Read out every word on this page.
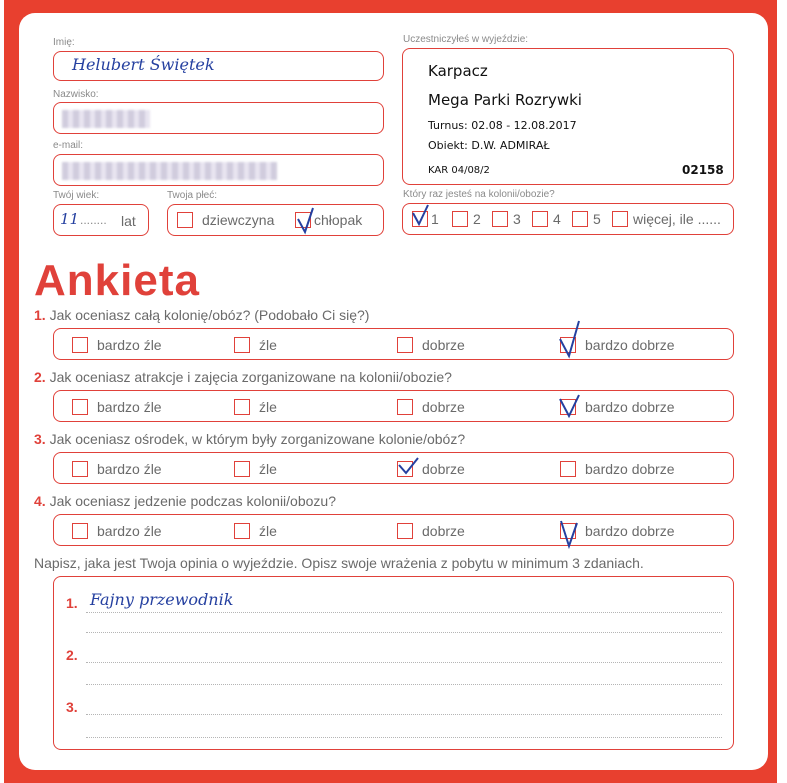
Imię:
Helubert Świętek
Nazwisko:
e-mail:
Twój wiek:
11 ........ lat
Twoja płeć:
dziewczyna	chłopak
Uczestniczyłeś w wyjeździe:
Karpacz
Mega Parki Rozrywki
Turnus: 02.08 - 12.08.2017
Obiekt: D.W. ADMIRAŁ
KAR 04/08/2	02158
Który raz jesteś na kolonii/obozie?
1 2 3 4 5 więcej, ile ......
Ankieta
1. Jak oceniasz całą kolonię/obóz? (Podobało Ci się?)
bardzo źle	źle	dobrze	bardzo dobrze
2. Jak oceniasz atrakcje i zajęcia zorganizowane na kolonii/obozie?
bardzo źle	źle	dobrze	bardzo dobrze
3. Jak oceniasz ośrodek, w którym były zorganizowane kolonie/obóz?
bardzo źle	źle	dobrze	bardzo dobrze
4. Jak oceniasz jedzenie podczas kolonii/obozu?
bardzo źle	źle	dobrze	bardzo dobrze
Napisz, jaka jest Twoja opinia o wyjeździe. Opisz swoje wrażenia z pobytu w minimum 3 zdaniach.
1. Fajny przewodnik
2.
3.
